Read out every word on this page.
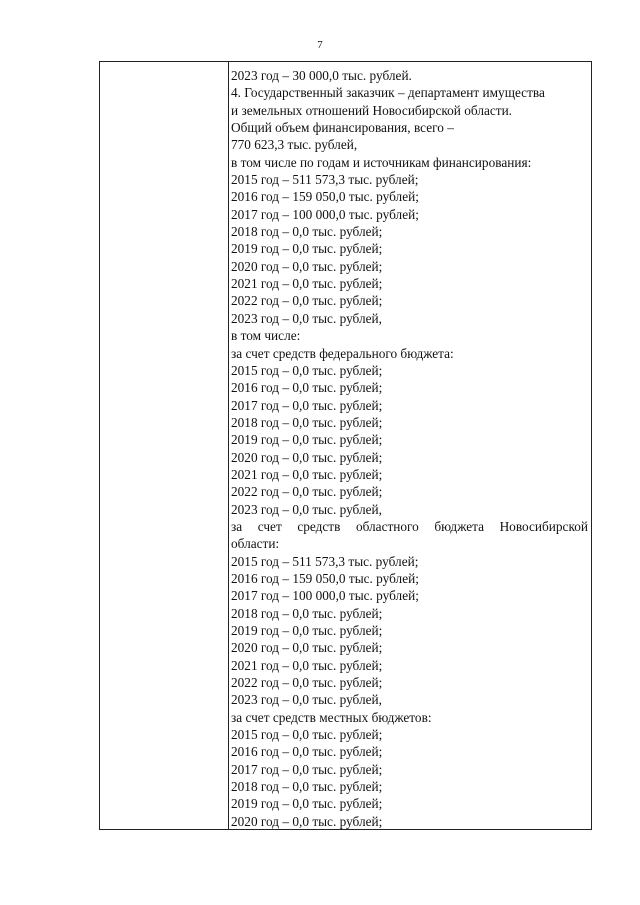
7
2023 год – 30 000,0 тыс. рублей.
4. Государственный заказчик – департамент имущества
и земельных отношений Новосибирской области.
Общий объем финансирования, всего –
770 623,3 тыс. рублей,
в том числе по годам и источникам финансирования:
2015 год – 511 573,3 тыс. рублей;
2016 год – 159 050,0 тыс. рублей;
2017 год – 100 000,0 тыс. рублей;
2018 год – 0,0 тыс. рублей;
2019 год – 0,0 тыс. рублей;
2020 год – 0,0 тыс. рублей;
2021 год – 0,0 тыс. рублей;
2022 год – 0,0 тыс. рублей;
2023 год – 0,0 тыс. рублей,
в том числе:
за счет средств федерального бюджета:
2015 год – 0,0 тыс. рублей;
2016 год – 0,0 тыс. рублей;
2017 год – 0,0 тыс. рублей;
2018 год – 0,0 тыс. рублей;
2019 год – 0,0 тыс. рублей;
2020 год – 0,0 тыс. рублей;
2021 год – 0,0 тыс. рублей;
2022 год – 0,0 тыс. рублей;
2023 год – 0,0 тыс. рублей,
за счет средств областного бюджета Новосибирской
области:
2015 год – 511 573,3 тыс. рублей;
2016 год – 159 050,0 тыс. рублей;
2017 год – 100 000,0 тыс. рублей;
2018 год – 0,0 тыс. рублей;
2019 год – 0,0 тыс. рублей;
2020 год – 0,0 тыс. рублей;
2021 год – 0,0 тыс. рублей;
2022 год – 0,0 тыс. рублей;
2023 год – 0,0 тыс. рублей,
за счет средств местных бюджетов:
2015 год – 0,0 тыс. рублей;
2016 год – 0,0 тыс. рублей;
2017 год – 0,0 тыс. рублей;
2018 год – 0,0 тыс. рублей;
2019 год – 0,0 тыс. рублей;
2020 год – 0,0 тыс. рублей;
